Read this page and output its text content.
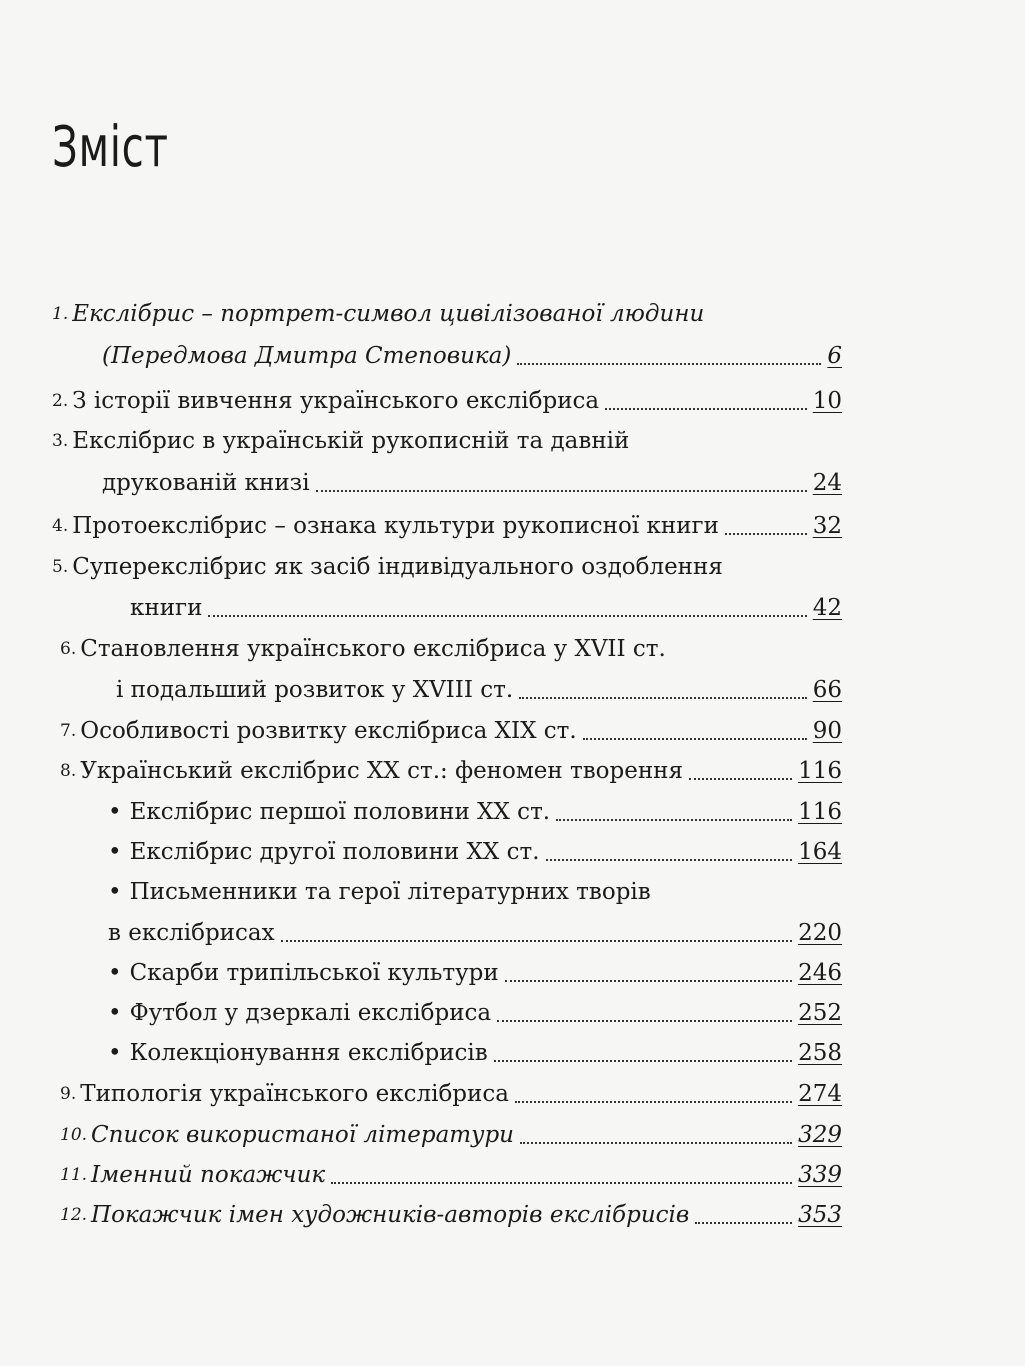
Зміст
1. Екслібрис – портрет-символ цивілізованої людини
(Передмова Дмитра Степовика)	6
2. З історії вивчення українського екслібриса	10
3. Екслібрис в українській рукописній та давній
друкованій книзі	24
4. Протоекслібрис – ознака культури рукописної книги	32
5. Суперекслібрис як засіб індивідуального оздоблення
книги	42
6. Становлення українського екслібриса у XVII ст.
і подальший розвиток у XVIII ст.	66
7. Особливості розвитку екслібриса XIX ст.	90
8. Український екслібрис XX ст.: феномен творення	116
• Екслібрис першої половини XX ст.	116
• Екслібрис другої половини XX ст.	164
• Письменники та герої літературних творів
в екслібрисах	220
• Скарби трипільської культури	246
• Футбол у дзеркалі екслібриса	252
• Колекціонування екслібрисів	258
9. Типологія українського екслібриса	274
10. Список використаної літератури	329
11. Іменний покажчик	339
12. Покажчик імен художників-авторів екслібрисів	353
